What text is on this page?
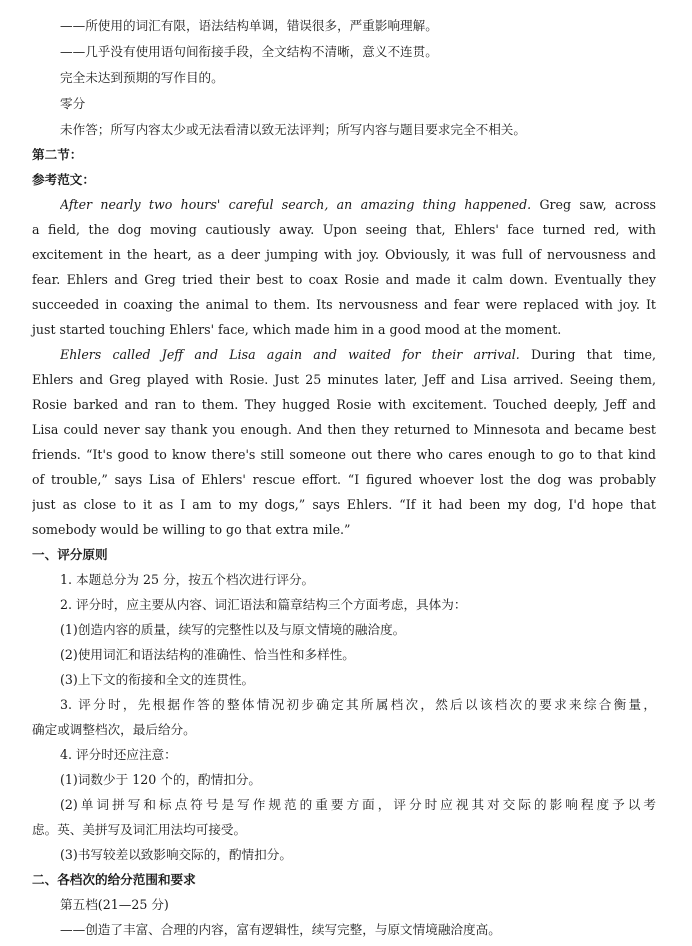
——所使用的词汇有限，语法结构单调，错误很多，严重影响理解。
——几乎没有使用语句间衔接手段，全文结构不清晰，意义不连贯。
完全未达到预期的写作目的。
零分
未作答；所写内容太少或无法看清以致无法评判；所写内容与题目要求完全不相关。
第二节：
参考范文：
After nearly two hours' careful search, an amazing thing happened. Greg saw, across
a field, the dog moving cautiously away. Upon seeing that, Ehlers' face turned red, with
excitement in the heart, as a deer jumping with joy. Obviously, it was full of nervousness and
fear. Ehlers and Greg tried their best to coax Rosie and made it calm down. Eventually they
succeeded in coaxing the animal to them. Its nervousness and fear were replaced with joy. It
just started touching Ehlers' face, which made him in a good mood at the moment.
Ehlers called Jeff and Lisa again and waited for their arrival. During that time,
Ehlers and Greg played with Rosie. Just 25 minutes later, Jeff and Lisa arrived. Seeing them,
Rosie barked and ran to them. They hugged Rosie with excitement. Touched deeply, Jeff and
Lisa could never say thank you enough. And then they returned to Minnesota and became best
friends. “It's good to know there's still someone out there who cares enough to go to that kind
of trouble,” says Lisa of Ehlers' rescue effort. “I figured whoever lost the dog was probably
just as close to it as I am to my dogs,” says Ehlers. “If it had been my dog, I'd hope that
somebody would be willing to go that extra mile.”
一、评分原则
1. 本题总分为 25 分，按五个档次进行评分。
2. 评分时，应主要从内容、词汇语法和篇章结构三个方面考虑，具体为：
(1)创造内容的质量，续写的完整性以及与原文情境的融洽度。
(2)使用词汇和语法结构的准确性、恰当性和多样性。
(3)上下文的衔接和全文的连贯性。
3. 评分时，先根据作答的整体情况初步确定其所属档次，然后以该档次的要求来综合衡量，
确定或调整档次，最后给分。
4. 评分时还应注意：
(1)词数少于 120 个的，酌情扣分。
(2)单词拼写和标点符号是写作规范的重要方面，评分时应视其对交际的影响程度予以考
虑。英、美拼写及词汇用法均可接受。
(3)书写较差以致影响交际的，酌情扣分。
二、各档次的给分范围和要求
第五档(21—25 分)
——创造了丰富、合理的内容，富有逻辑性，续写完整，与原文情境融洽度高。
